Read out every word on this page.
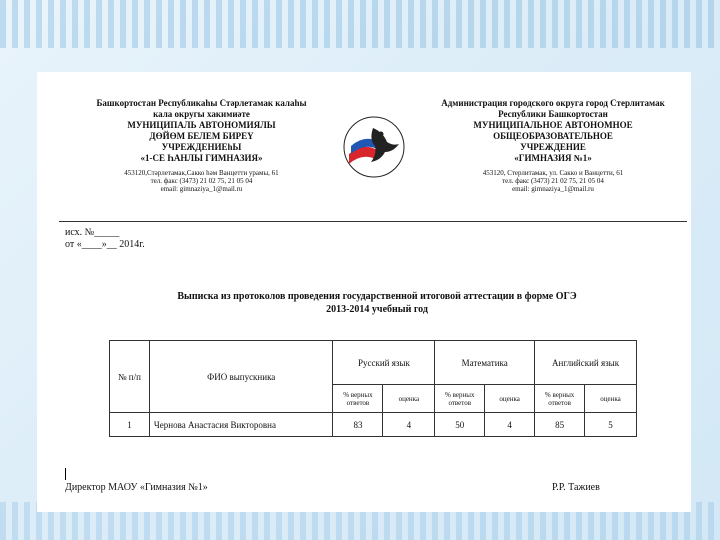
Башкортостан Республикаhы Стәрлетамак калаhы
кала округы хакимиәте
МУНИЦИПАЛЬ АВТОНОМИЯЛЫ
ДӨЙӨМ БЕЛЕМ БИРЕҮ
УЧРЕЖДЕНИЕhЫ
«1-СЕ ҺАНЛЫ ГИМНАЗИЯ»
453120,Стәрлетамак,Сакко hәм Ванцетти урамы, 61
тел. факс (3473) 21 02 75, 21 05 04
email: gimnaziya_1@mail.ru
Администрация городского округа город Стерлитамак
Республики Башкортостан
МУНИЦИПАЛЬНОЕ АВТОНОМНОЕ
ОБЩЕОБРАЗОВАТЕЛЬНОЕ
УЧРЕЖДЕНИЕ
«ГИМНАЗИЯ №1»
453120, Стерлитамак, ул. Сакко и Ванцетти, 61
тел. факс (3473) 21 02 75, 21 05 04
email: gimnaziya_1@mail.ru
исх. №_____
от «____»__ 2014г.
Выписка из протоколов проведения государственной итоговой аттестации в форме ОГЭ
2013-2014 учебный год
№ п/п	ФИО выпускника	Русский язык		Математика		Английский язык	
		% верных ответов	оценка	% верных ответов	оценка	% верных ответов	оценка
1	Чернова Анастасия Викторовна	83	4	50	4	85	5
Директор МАОУ «Гимназия №1»	Р.Р. Тажиев
